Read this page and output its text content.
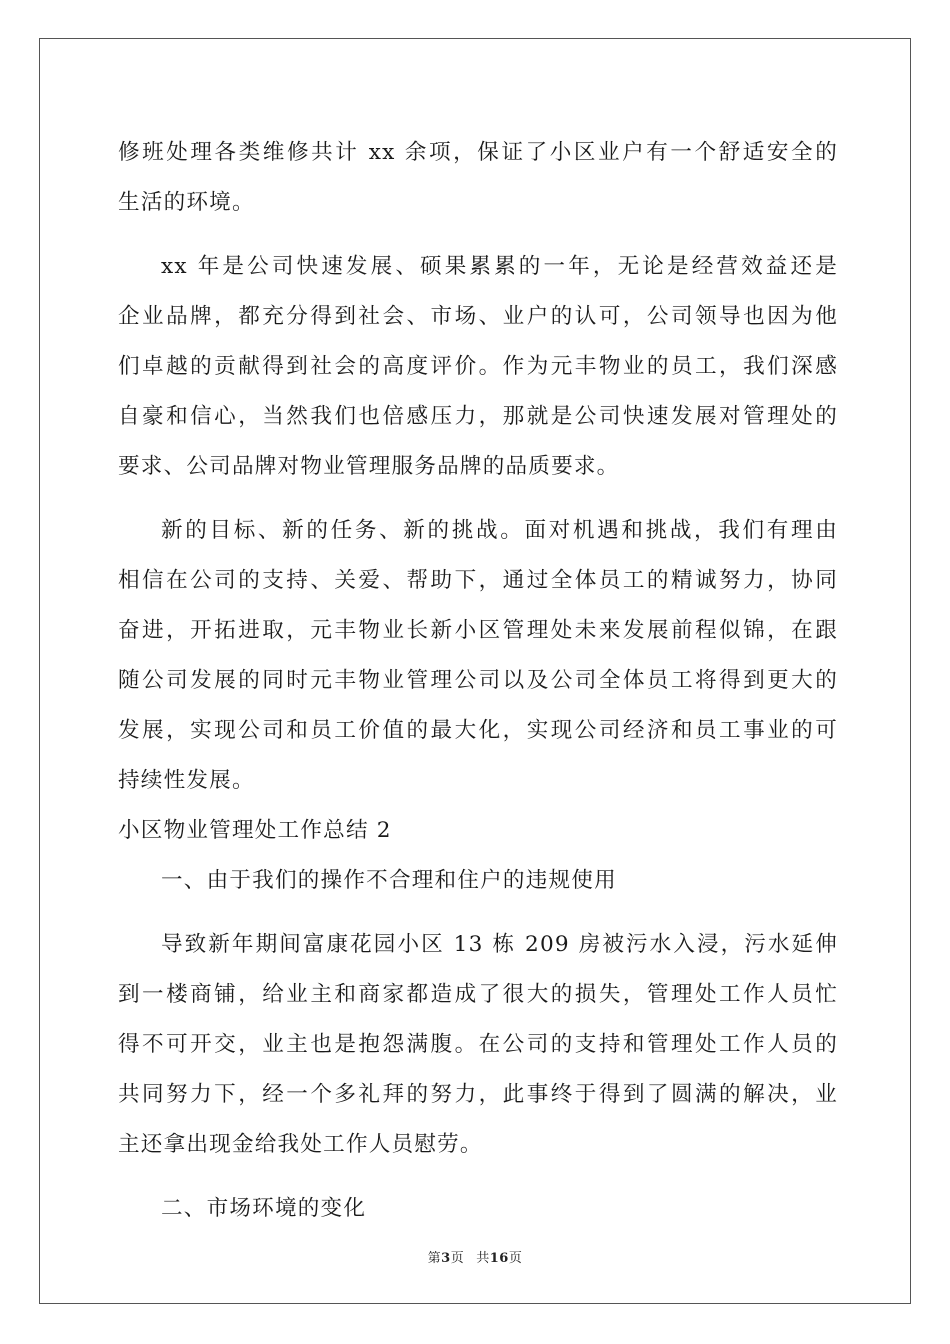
修班处理各类维修共计 xx 余项，保证了小区业户有一个舒适安全的
生活的环境。
xx 年是公司快速发展、硕果累累的一年，无论是经营效益还是
企业品牌，都充分得到社会、市场、业户的认可，公司领导也因为他
们卓越的贡献得到社会的高度评价。作为元丰物业的员工，我们深感
自豪和信心，当然我们也倍感压力，那就是公司快速发展对管理处的
要求、公司品牌对物业管理服务品牌的品质要求。
新的目标、新的任务、新的挑战。面对机遇和挑战，我们有理由
相信在公司的支持、关爱、帮助下，通过全体员工的精诚努力，协同
奋进，开拓进取，元丰物业长新小区管理处未来发展前程似锦，在跟
随公司发展的同时元丰物业管理公司以及公司全体员工将得到更大的
发展，实现公司和员工价值的最大化，实现公司经济和员工事业的可
持续性发展。
小区物业管理处工作总结 2
一、由于我们的操作不合理和住户的违规使用
导致新年期间富康花园小区 13 栋 209 房被污水入浸，污水延伸
到一楼商铺，给业主和商家都造成了很大的损失，管理处工作人员忙
得不可开交，业主也是抱怨满腹。在公司的支持和管理处工作人员的
共同努力下，经一个多礼拜的努力，此事终于得到了圆满的解决，业
主还拿出现金给我处工作人员慰劳。
二、市场环境的变化
第3页 共16页
